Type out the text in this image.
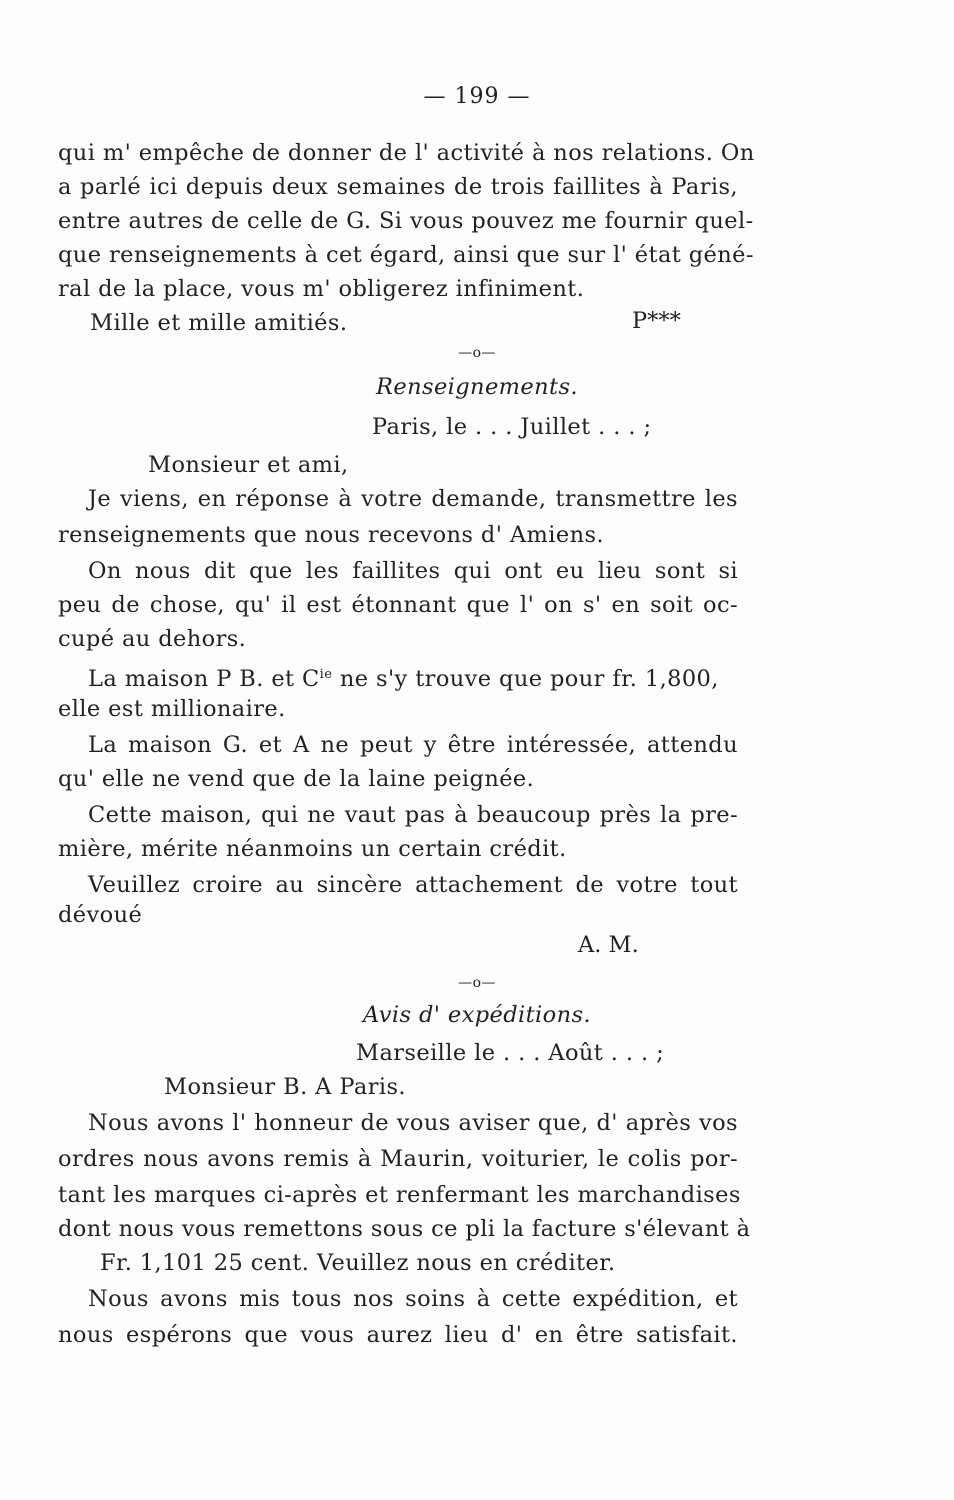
— 199 —
qui m' empêche de donner de l' activité à nos relations. On
a parlé ici depuis deux semaines de trois faillites à Paris,
entre autres de celle de G. Si vous pouvez me fournir quel-
que renseignements à cet égard, ainsi que sur l' état géné-
ral de la place, vous m' obligerez infiniment.
Mille et mille amitiés.	P***
—o—
Renseignements.
Paris, le . . . Juillet . . . ;
Monsieur et ami,
Je viens, en réponse à votre demande, transmettre les
renseignements que nous recevons d' Amiens.
On nous dit que les faillites qui ont eu lieu sont si
peu de chose, qu' il est étonnant que l' on s' en soit oc-
cupé au dehors.
La maison P B. et $C^{ie}$ ne s'y trouve que pour fr. 1,800,
elle est millionaire.
La maison G. et A ne peut y être intéressée, attendu
qu' elle ne vend que de la laine peignée.
Cette maison, qui ne vaut pas à beaucoup près la pre-
mière, mérite néanmoins un certain crédit.
Veuillez croire au sincère attachement de votre tout
dévoué
A. M.
—o—
Avis d' expéditions.
Marseille le . . . Août . . . ;
Monsieur B. A Paris.
Nous avons l' honneur de vous aviser que, d' après vos
ordres nous avons remis à Maurin, voiturier, le colis por-
tant les marques ci-après et renfermant les marchandises
dont nous vous remettons sous ce pli la facture s'élevant à
Fr. 1,101 25 cent. Veuillez nous en créditer.
Nous avons mis tous nos soins à cette expédition, et
nous espérons que vous aurez lieu d' en être satisfait.
